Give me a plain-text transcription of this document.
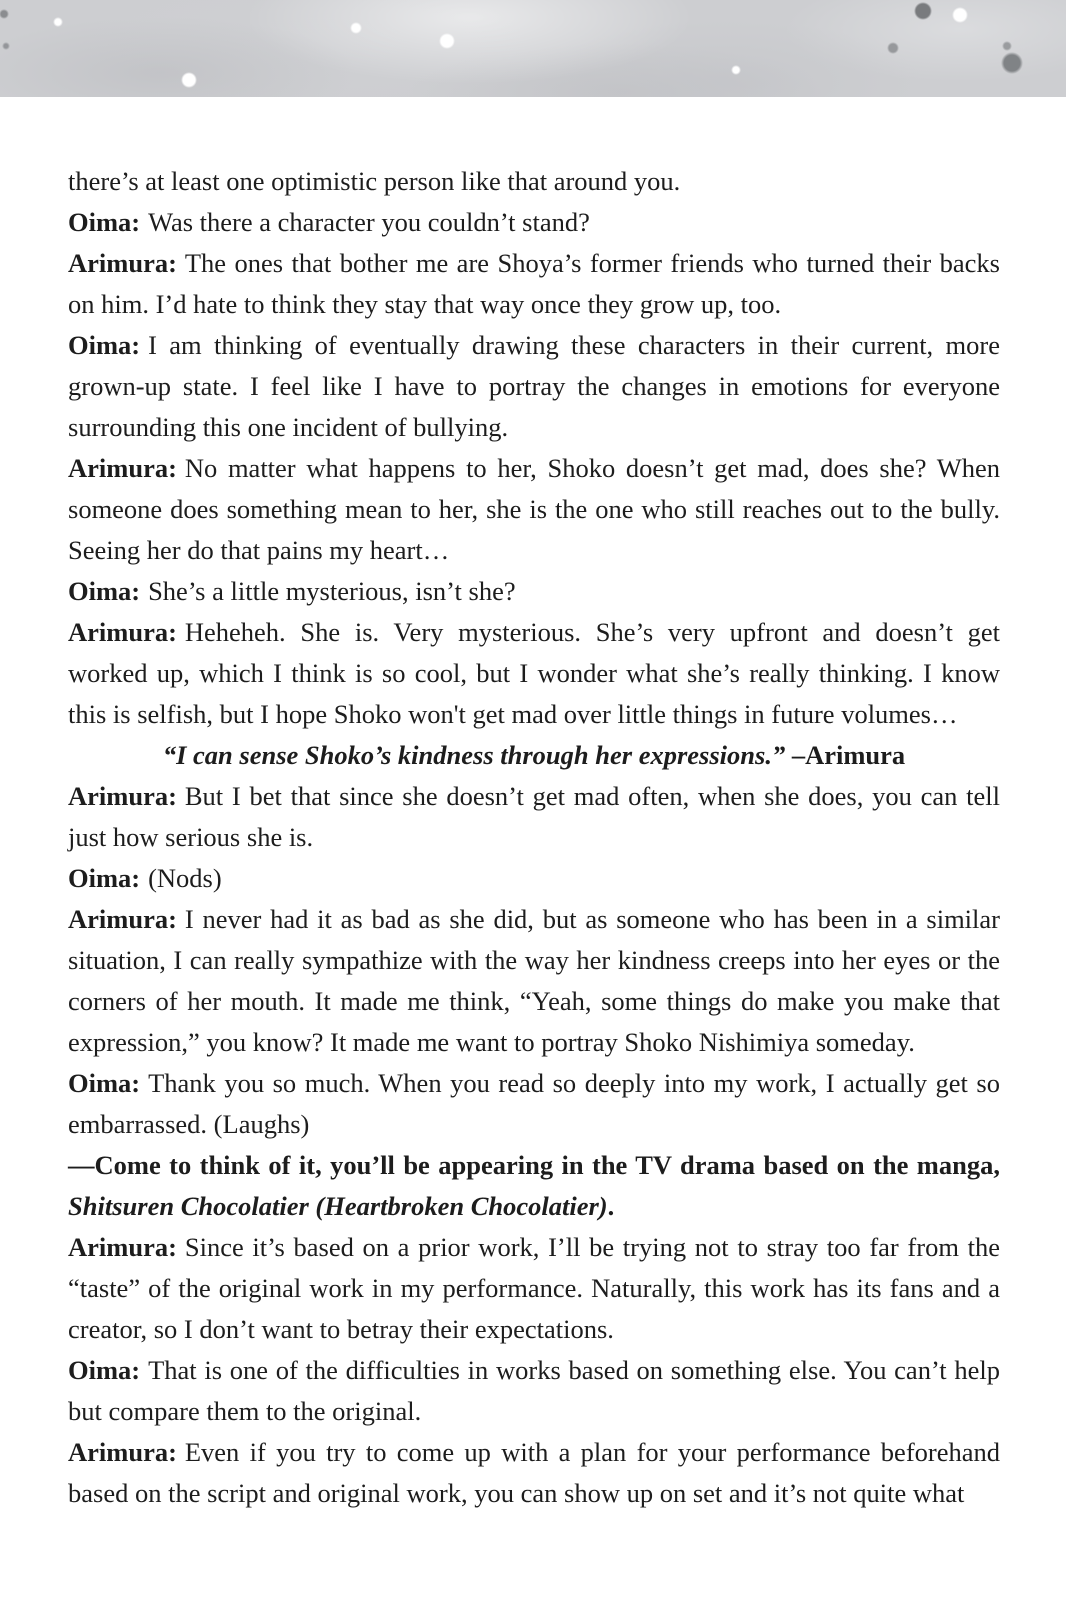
there’s at least one optimistic person like that around you.

Oima: Was there a character you couldn’t stand?

Arimura: The ones that bother me are Shoya’s former friends who turned their backs on him. I’d hate to think they stay that way once they grow up, too.

Oima: I am thinking of eventually drawing these characters in their current, more grown-up state. I feel like I have to portray the changes in emotions for everyone surrounding this one incident of bullying.

Arimura: No matter what happens to her, Shoko doesn’t get mad, does she? When someone does something mean to her, she is the one who still reaches out to the bully. Seeing her do that pains my heart…

Oima: She’s a little mysterious, isn’t she?

Arimura: Heheheh. She is. Very mysterious. She’s very upfront and doesn’t get worked up, which I think is so cool, but I wonder what she’s really thinking. I know this is selfish, but I hope Shoko won't get mad over little things in future volumes…

“I can sense Shoko’s kindness through her expressions.” –Arimura

Arimura: But I bet that since she doesn’t get mad often, when she does, you can tell just how serious she is.

Oima: (Nods)

Arimura: I never had it as bad as she did, but as someone who has been in a similar situation, I can really sympathize with the way her kindness creeps into her eyes or the corners of her mouth. It made me think, “Yeah, some things do make you make that expression,” you know? It made me want to portray Shoko Nishimiya someday.

Oima: Thank you so much. When you read so deeply into my work, I actually get so embarrassed. (Laughs)

—Come to think of it, you’ll be appearing in the TV drama based on the manga, Shitsuren Chocolatier (Heartbroken Chocolatier).

Arimura: Since it’s based on a prior work, I’ll be trying not to stray too far from the “taste” of the original work in my performance. Naturally, this work has its fans and a creator, so I don’t want to betray their expectations.

Oima: That is one of the difficulties in works based on something else. You can’t help but compare them to the original.

Arimura: Even if you try to come up with a plan for your performance beforehand based on the script and original work, you can show up on set and it’s not quite what
